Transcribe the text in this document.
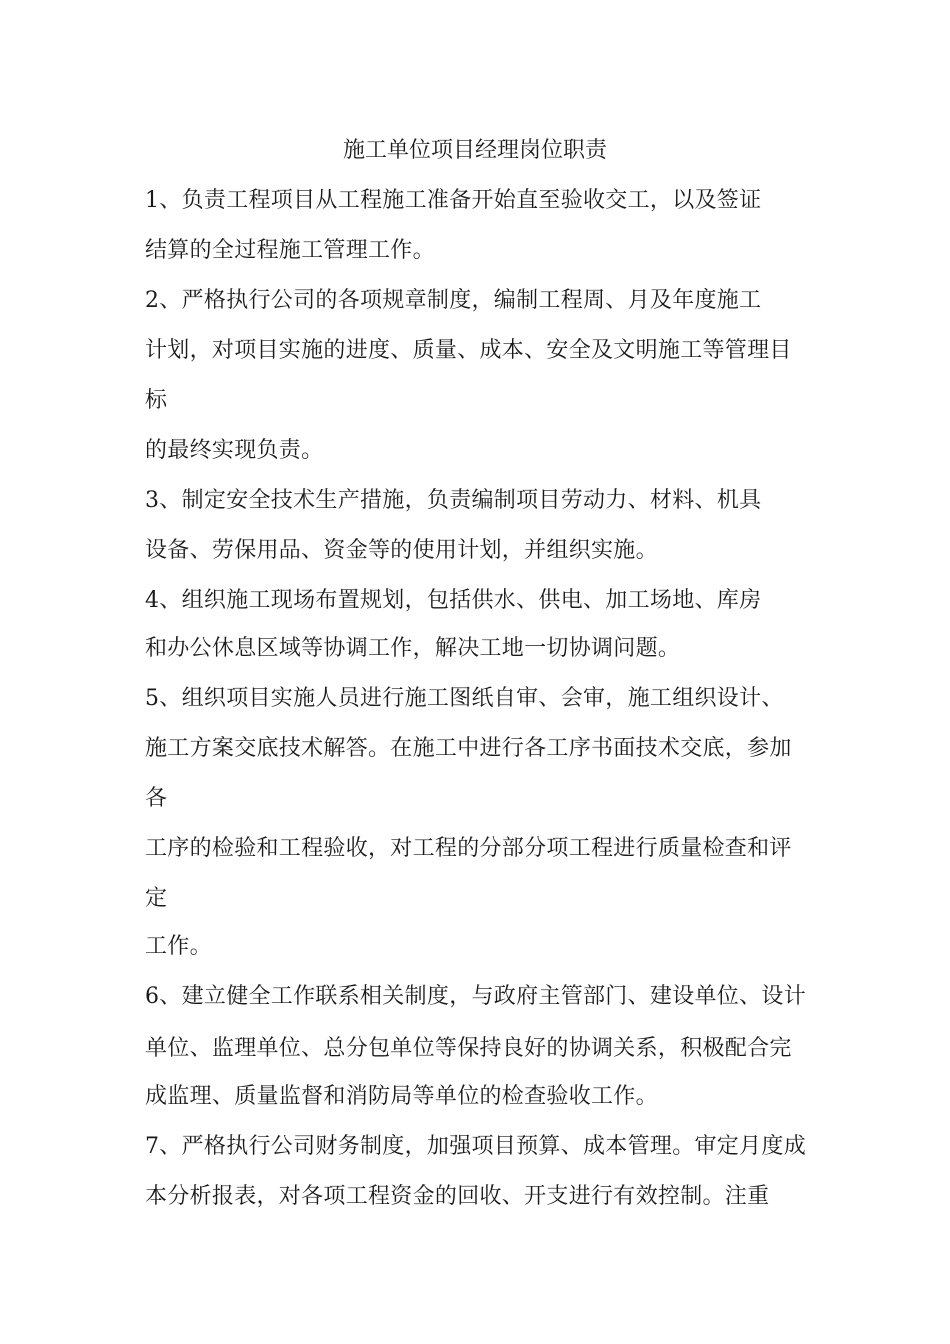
施工单位项目经理岗位职责
1、负责工程项目从工程施工准备开始直至验收交工，以及签证
结算的全过程施工管理工作。
2、严格执行公司的各项规章制度，编制工程周、月及年度施工
计划，对项目实施的进度、质量、成本、安全及文明施工等管理目
标
的最终实现负责。
3、制定安全技术生产措施，负责编制项目劳动力、材料、机具
设备、劳保用品、资金等的使用计划，并组织实施。
4、组织施工现场布置规划，包括供水、供电、加工场地、库房
和办公休息区域等协调工作，解决工地一切协调问题。
5、组织项目实施人员进行施工图纸自审、会审，施工组织设计、
施工方案交底技术解答。在施工中进行各工序书面技术交底，参加
各
工序的检验和工程验收，对工程的分部分项工程进行质量检查和评
定
工作。
6、建立健全工作联系相关制度，与政府主管部门、建设单位、设计
单位、监理单位、总分包单位等保持良好的协调关系，积极配合完
成监理、质量监督和消防局等单位的检查验收工作。
7、严格执行公司财务制度，加强项目预算、成本管理。审定月度成
本分析报表，对各项工程资金的回收、开支进行有效控制。注重
